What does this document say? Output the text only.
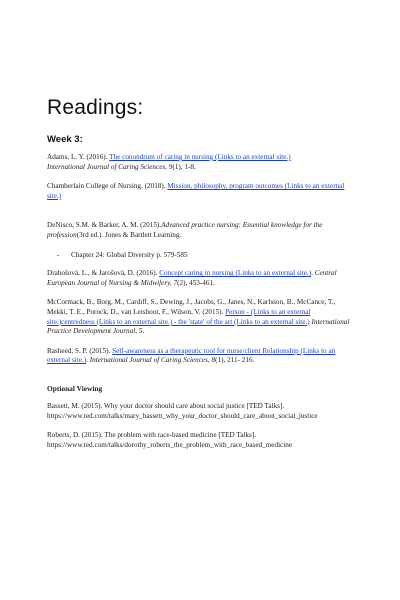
Readings:
Week 3:

Adams, L. Y. (2016). The conundrum of caring in nursing (Links to an external site.)
International Journal of Caring Sciences, 9(1), 1-8.

Chamberlain College of Nursing. (2018). Mission, philosophy, program outcomes (Links to an external site.)

DeNisco, S.M. & Barker, A. M. (2015).Advanced practice nursing: Essential knowledge for the profession(3rd ed.). Jones & Bartlett Learning.

- Chapter 24: Global Diversity p. 579-585

Drahošová, L., & Jarošová, D. (2016). Concept caring in nursing (Links to an external site.). Central European Journal of Nursing & Midwifery, 7(2), 453-461.

McCormack, B., Borg, M., Cardiff, S., Dewing, J., Jacobs, G., Janes, N., Karlsson, B., McCance, T., Mekki, T. E., Porock, D., van Leishout, F., Wilson, V. (2015). Person - (Links to an external site.)centredness (Links to an external site.) - the 'state' of the art (Links to an external site.) International Practice Development Journal, 5.

Rasheed, S. P. (2015). Self-awareness as a therapeutic tool for nurse/client Relationship (Links to an external site.). International Journal of Caring Sciences, 8(1), 211- 216.

Optional Viewing

Bassett, M. (2015). Why your doctor should care about social justice [TED Talks].
https://www.ted.com/talks/mary_bassett_why_your_doctor_should_care_about_social_justice

Roberts, D. (2015). The problem with race-based medicine [TED Talks].
https://www.ted.com/talks/dorothy_roberts_the_problem_with_race_based_medicine
